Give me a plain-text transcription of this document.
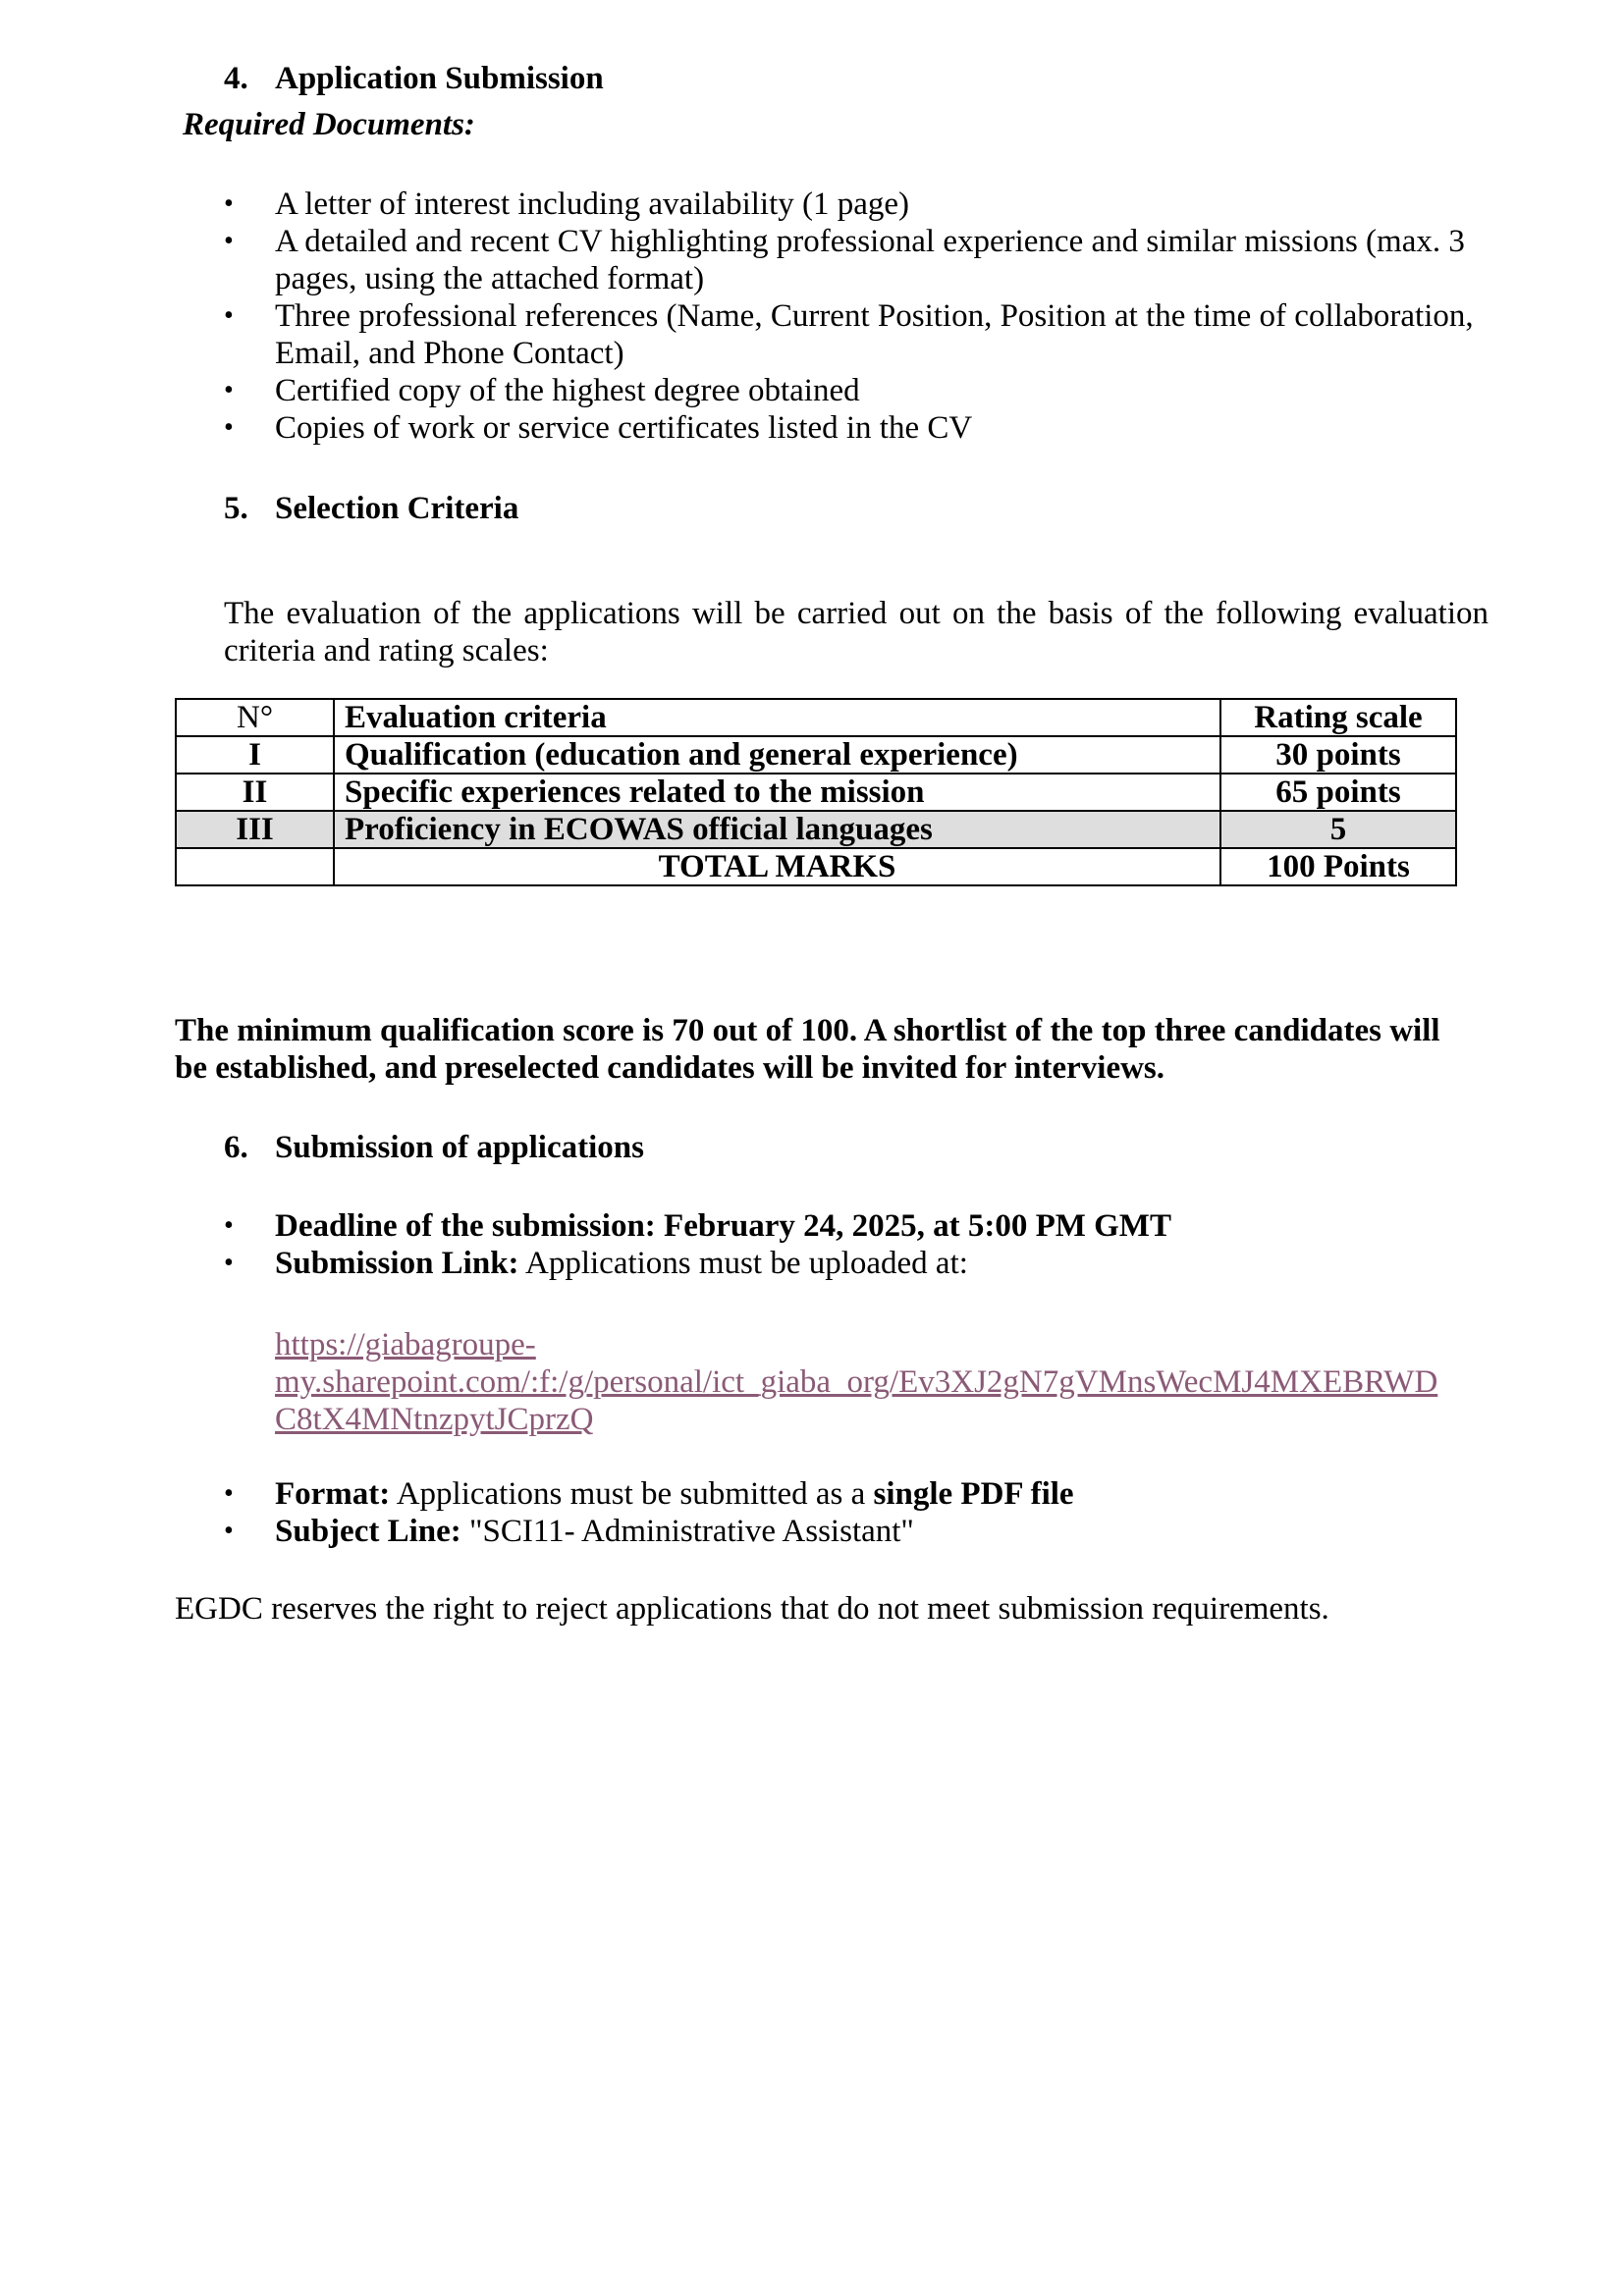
4. Application Submission
Required Documents:
•	A letter of interest including availability (1 page)
•	A detailed and recent CV highlighting professional experience and similar missions (max. 3 pages, using the attached format)
•	Three professional references (Name, Current Position, Position at the time of collaboration, Email, and Phone Contact)
•	Certified copy of the highest degree obtained
•	Copies of work or service certificates listed in the CV
5. Selection Criteria
The evaluation of the applications will be carried out on the basis of the following evaluation criteria and rating scales:
N°	Evaluation criteria	Rating scale
I	Qualification (education and general experience)	30 points
II	Specific experiences related to the mission	65 points
III	Proficiency in ECOWAS official languages	5
	TOTAL MARKS	100 Points
The minimum qualification score is 70 out of 100. A shortlist of the top three candidates will be established, and preselected candidates will be invited for interviews.
6. Submission of applications
•	Deadline of the submission: February 24, 2025, at 5:00 PM GMT
•	Submission Link: Applications must be uploaded at:
https://giabagroupe-
my.sharepoint.com/:f:/g/personal/ict_giaba_org/Ev3XJ2gN7gVMnsWecMJ4MXEBRWD
C8tX4MNtnzpytJCprzQ
•	Format: Applications must be submitted as a single PDF file
•	Subject Line: "SCI11- Administrative Assistant"
EGDC reserves the right to reject applications that do not meet submission requirements.
